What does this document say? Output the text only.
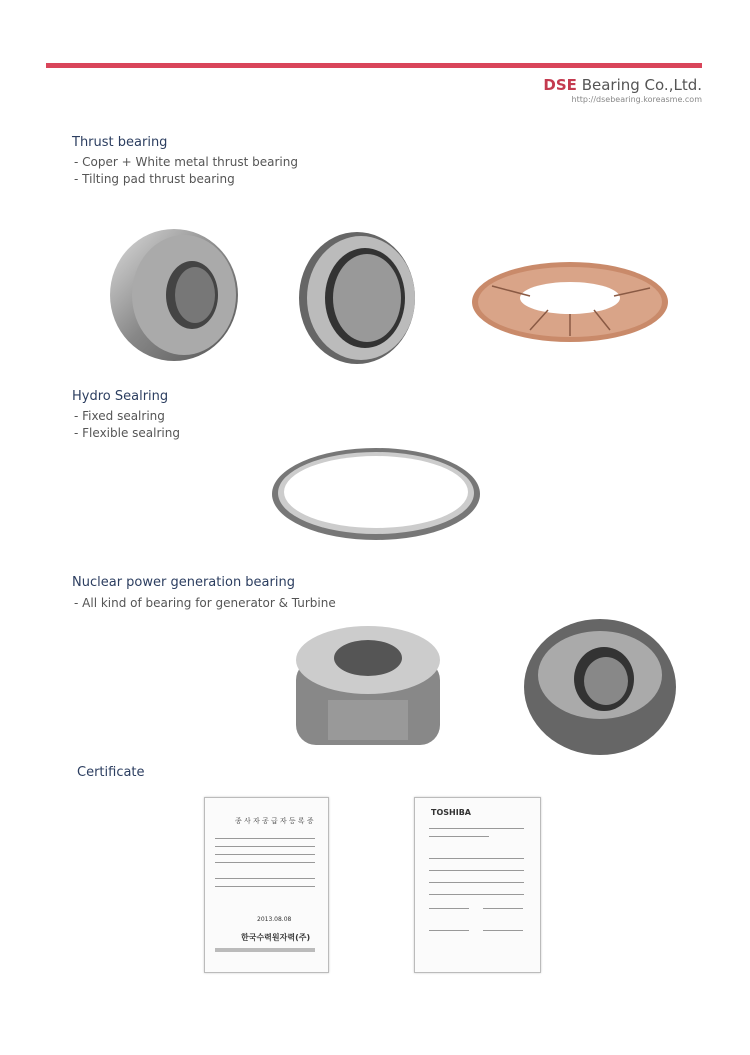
DSE Bearing Co.,Ltd.
http://dsebearing.koreasme.com
Thrust bearing
- Coper + White metal thrust bearing
- Tilting pad thrust bearing
Hydro Sealring
- Fixed sealring
- Flexible sealring
Nuclear power generation bearing
- All kind of bearing for generator & Turbine
Certificate
종 사 자 공 급 자 등 록 증
2013.08.08
한국수력원자력(주)
TOSHIBA
